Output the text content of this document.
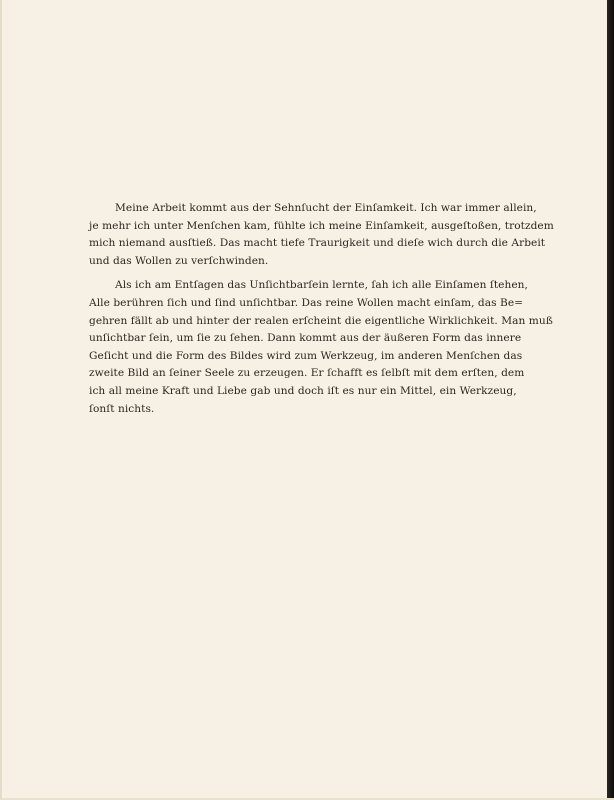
Meine Arbeit kommt aus der Sehnſucht der Einſamkeit. Ich war immer allein,
je mehr ich unter Menſchen kam, fühlte ich meine Einſamkeit, ausgeſtoßen, trotzdem
mich niemand ausſtieß. Das macht tiefe Traurigkeit und dieſe wich durch die Arbeit
und das Wollen zu verſchwinden.

Als ich am Entſagen das Unſichtbarſein lernte, ſah ich alle Einſamen ſtehen,
Alle berühren ſich und ſind unſichtbar. Das reine Wollen macht einſam, das Be=
gehren fällt ab und hinter der realen erſcheint die eigentliche Wirklichkeit. Man muß
unſichtbar ſein, um ſie zu ſehen. Dann kommt aus der äußeren Form das innere
Geſicht und die Form des Bildes wird zum Werkzeug, im anderen Menſchen das
zweite Bild an ſeiner Seele zu erzeugen. Er ſchafft es ſelbſt mit dem erſten, dem
ich all meine Kraft und Liebe gab und doch iſt es nur ein Mittel, ein Werkzeug,
ſonſt nichts.
